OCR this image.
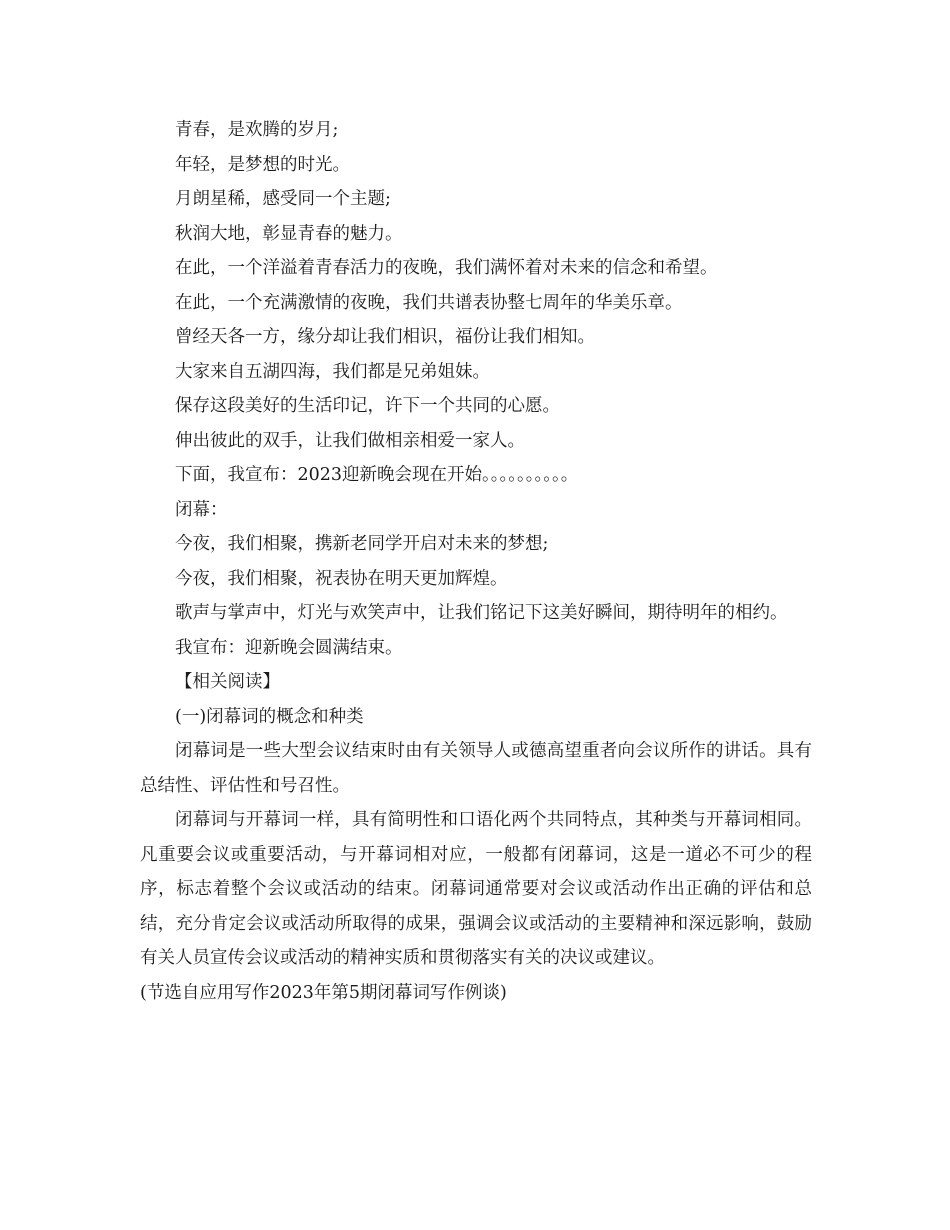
青春，是欢腾的岁月;

年轻，是梦想的时光。

月朗星稀，感受同一个主题;

秋润大地，彰显青春的魅力。

在此，一个洋溢着青春活力的夜晚，我们满怀着对未来的信念和希望。

在此，一个充满激情的夜晚，我们共谱表协整七周年的华美乐章。

曾经天各一方，缘分却让我们相识，福份让我们相知。

大家来自五湖四海，我们都是兄弟姐妹。

保存这段美好的生活印记，许下一个共同的心愿。

伸出彼此的双手，让我们做相亲相爱一家人。

下面，我宣布：2023迎新晚会现在开始。。。。。。。。。。

闭幕：

今夜，我们相聚，携新老同学开启对未来的梦想;

今夜，我们相聚，祝表协在明天更加辉煌。

歌声与掌声中，灯光与欢笑声中，让我们铭记下这美好瞬间，期待明年的相约。

我宣布：迎新晚会圆满结束。

【相关阅读】

(一)闭幕词的概念和种类

闭幕词是一些大型会议结束时由有关领导人或德高望重者向会议所作的讲话。具有总结性、评估性和号召性。

闭幕词与开幕词一样，具有简明性和口语化两个共同特点，其种类与开幕词相同。凡重要会议或重要活动，与开幕词相对应，一般都有闭幕词，这是一道必不可少的程序，标志着整个会议或活动的结束。闭幕词通常要对会议或活动作出正确的评估和总结，充分肯定会议或活动所取得的成果，强调会议或活动的主要精神和深远影响，鼓励有关人员宣传会议或活动的精神实质和贯彻落实有关的决议或建议。

(节选自应用写作2023年第5期闭幕词写作例谈)
